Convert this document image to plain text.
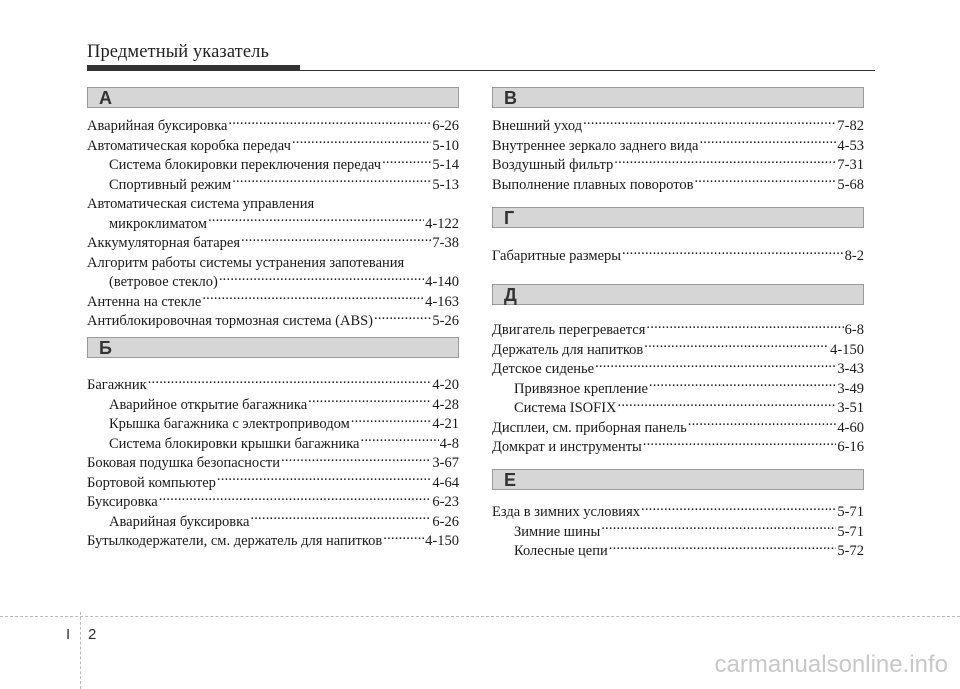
Предметный указатель
А
Аварийная буксировка .....	6-26
Автоматическая коробка передач .....	5-10
Система блокировки переключения передач .....	5-14
Спортивный режим .....	5-13
Автоматическая система управления
микроклиматом .....	4-122
Аккумуляторная батарея .....	7-38
Алгоритм работы системы устранения запотевания
(ветровое стекло) .....	4-140
Антенна на стекле .....	4-163
Антиблокировочная тормозная система (ABS) .....	5-26
Б
Багажник .....	4-20
Аварийное открытие багажника .....	4-28
Крышка багажника с электроприводом .....	4-21
Система блокировки крышки багажника .....	4-8
Боковая подушка безопасности .....	3-67
Бортовой компьютер .....	4-64
Буксировка .....	6-23
Аварийная буксировка .....	6-26
Бутылкодержатели, см. держатель для напитков .....	4-150
В
Внешний уход .....	7-82
Внутреннее зеркало заднего вида .....	4-53
Воздушный фильтр .....	7-31
Выполнение плавных поворотов .....	5-68
Г
Габаритные размеры .....	8-2
Д
Двигатель перегревается .....	6-8
Держатель для напитков .....	4-150
Детское сиденье .....	3-43
Привязное крепление .....	3-49
Система ISOFIX .....	3-51
Дисплеи, см. приборная панель .....	4-60
Домкрат и инструменты .....	6-16
Е
Езда в зимних условиях .....	5-71
Зимние шины .....	5-71
Колесные цепи .....	5-72
I 2
carmanualsonline.info
